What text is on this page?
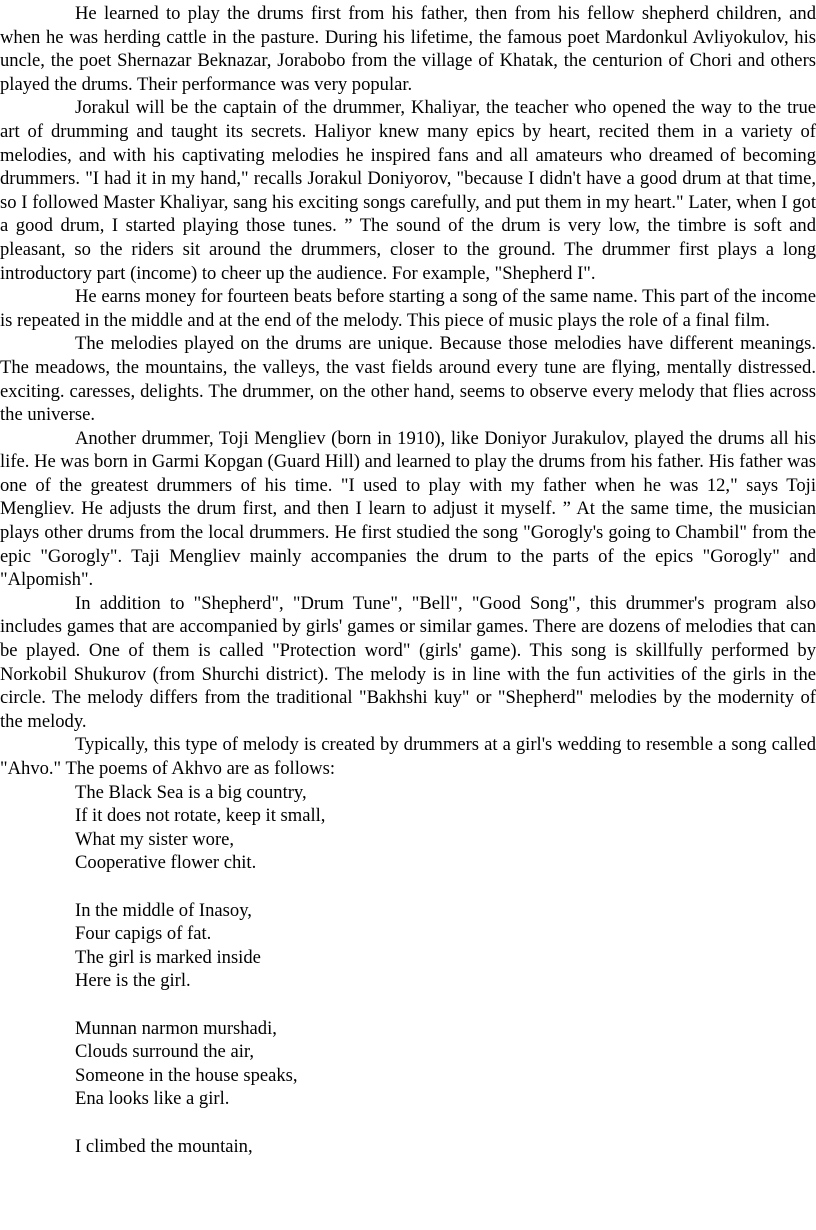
He learned to play the drums first from his father, then from his fellow shepherd children, and when he was herding cattle in the pasture. During his lifetime, the famous poet Mardonkul Avliyokulov, his uncle, the poet Shernazar Beknazar, Jorabobo from the village of Khatak, the centurion of Chori and others played the drums. Their performance was very popular.

Jorakul will be the captain of the drummer, Khaliyar, the teacher who opened the way to the true art of drumming and taught its secrets. Haliyor knew many epics by heart, recited them in a variety of melodies, and with his captivating melodies he inspired fans and all amateurs who dreamed of becoming drummers. "I had it in my hand," recalls Jorakul Doniyorov, "because I didn't have a good drum at that time, so I followed Master Khaliyar, sang his exciting songs carefully, and put them in my heart." Later, when I got a good drum, I started playing those tunes. ” The sound of the drum is very low, the timbre is soft and pleasant, so the riders sit around the drummers, closer to the ground. The drummer first plays a long introductory part (income) to cheer up the audience. For example, "Shepherd I".

He earns money for fourteen beats before starting a song of the same name. This part of the income is repeated in the middle and at the end of the melody. This piece of music plays the role of a final film.

The melodies played on the drums are unique. Because those melodies have different meanings. The meadows, the mountains, the valleys, the vast fields around every tune are flying, mentally distressed. exciting. caresses, delights. The drummer, on the other hand, seems to observe every melody that flies across the universe.

Another drummer, Toji Mengliev (born in 1910), like Doniyor Jurakulov, played the drums all his life. He was born in Garmi Kopgan (Guard Hill) and learned to play the drums from his father. His father was one of the greatest drummers of his time. "I used to play with my father when he was 12," says Toji Mengliev. He adjusts the drum first, and then I learn to adjust it myself. ” At the same time, the musician plays other drums from the local drummers. He first studied the song "Gorogly's going to Chambil" from the epic "Gorogly". Taji Mengliev mainly accompanies the drum to the parts of the epics "Gorogly" and "Alpomish".

In addition to "Shepherd", "Drum Tune", "Bell", "Good Song", this drummer's program also includes games that are accompanied by girls' games or similar games. There are dozens of melodies that can be played. One of them is called "Protection word" (girls' game). This song is skillfully performed by Norkobil Shukurov (from Shurchi district). The melody is in line with the fun activities of the girls in the circle. The melody differs from the traditional "Bakhshi kuy" or "Shepherd" melodies by the modernity of the melody.

Typically, this type of melody is created by drummers at a girl's wedding to resemble a song called "Ahvo." The poems of Akhvo are as follows:

The Black Sea is a big country,
If it does not rotate, keep it small,
What my sister wore,
Cooperative flower chit.
In the middle of Inasoy,
Four capigs of fat.
The girl is marked inside
Here is the girl.
Munnan narmon murshadi,
Clouds surround the air,
Someone in the house speaks,
Ena looks like a girl.
I climbed the mountain,
